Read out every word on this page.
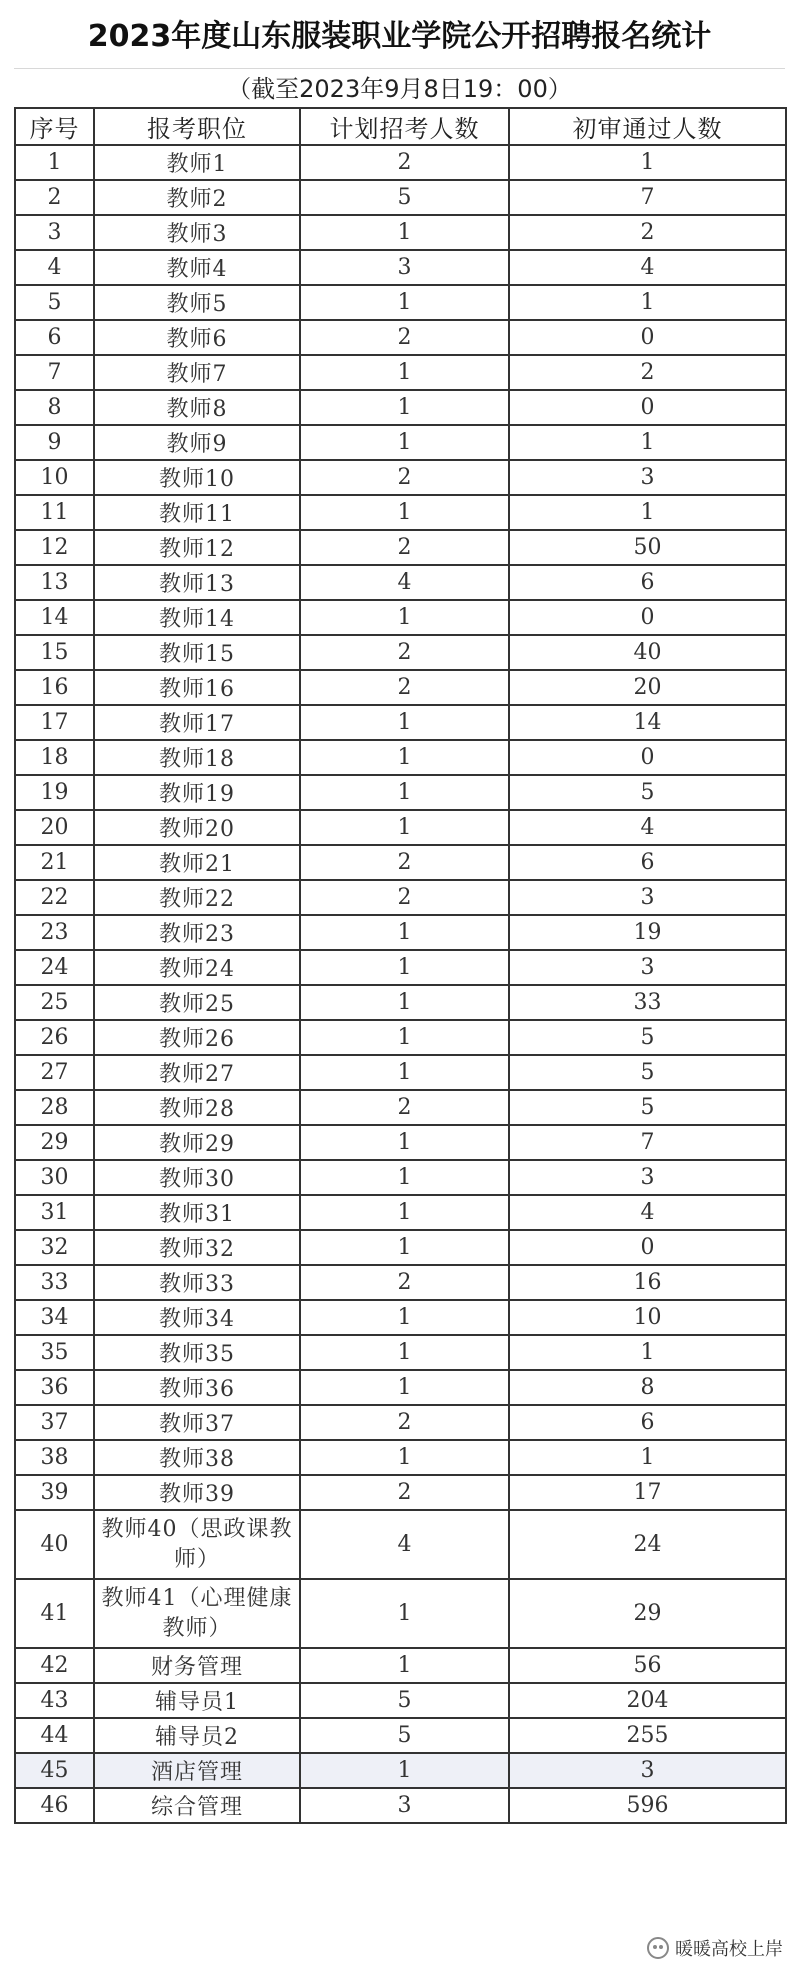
2023年度山东服装职业学院公开招聘报名统计
（截至2023年9月8日19：00）
序号	报考职位	计划招考人数	初审通过人数
1	教师1	2	1
2	教师2	5	7
3	教师3	1	2
4	教师4	3	4
5	教师5	1	1
6	教师6	2	0
7	教师7	1	2
8	教师8	1	0
9	教师9	1	1
10	教师10	2	3
11	教师11	1	1
12	教师12	2	50
13	教师13	4	6
14	教师14	1	0
15	教师15	2	40
16	教师16	2	20
17	教师17	1	14
18	教师18	1	0
19	教师19	1	5
20	教师20	1	4
21	教师21	2	6
22	教师22	2	3
23	教师23	1	19
24	教师24	1	3
25	教师25	1	33
26	教师26	1	5
27	教师27	1	5
28	教师28	2	5
29	教师29	1	7
30	教师30	1	3
31	教师31	1	4
32	教师32	1	0
33	教师33	2	16
34	教师34	1	10
35	教师35	1	1
36	教师36	1	8
37	教师37	2	6
38	教师38	1	1
39	教师39	2	17
40	教师40（思政课教师）	4	24
41	教师41（心理健康教师）	1	29
42	财务管理	1	56
43	辅导员1	5	204
44	辅导员2	5	255
45	酒店管理	1	3
46	综合管理	3	596
暖暖高校上岸
